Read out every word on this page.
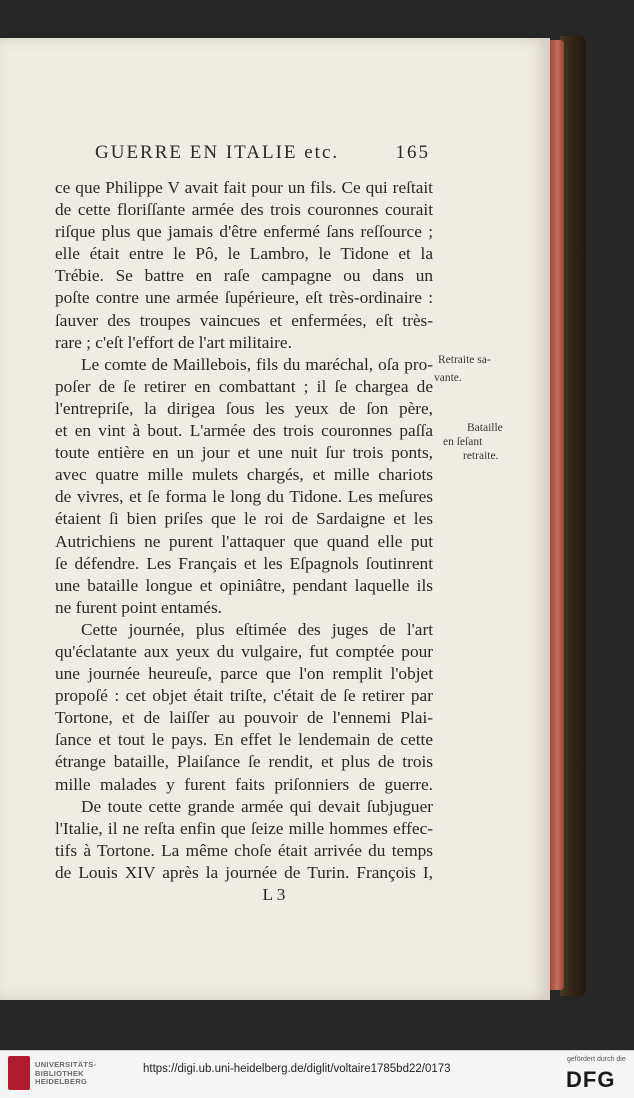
GUERRE EN ITALIE etc.	165
ce que Philippe V avait fait pour un fils. Ce qui reſtait
de cette floriſſante armée des trois couronnes courait
riſque plus que jamais d'être enfermé ſans reſſource ;
elle était entre le Pô, le Lambro, le Tidone et la
Trébie. Se battre en raſe campagne ou dans un
poſte contre une armée ſupérieure, eſt très-ordinaire :
ſauver des troupes vaincues et enfermées, eſt très-
rare ; c'eſt l'effort de l'art militaire.
Le comte de Maillebois, fils du maréchal, oſa pro-
poſer de ſe retirer en combattant ; il ſe chargea de
l'entrepriſe, la dirigea ſous les yeux de ſon père,
et en vint à bout. L'armée des trois couronnes paſſa
toute entière en un jour et une nuit ſur trois ponts,
avec quatre mille mulets chargés, et mille chariots
de vivres, et ſe forma le long du Tidone. Les meſures
étaient ſi bien priſes que le roi de Sardaigne et les
Autrichiens ne purent l'attaquer que quand elle put
ſe défendre. Les Français et les Eſpagnols ſoutinrent
une bataille longue et opiniâtre, pendant laquelle ils
ne furent point entamés.
Cette journée, plus eſtimée des juges de l'art
qu'éclatante aux yeux du vulgaire, fut comptée pour
une journée heureuſe, parce que l'on remplit l'objet
propoſé : cet objet était triſte, c'était de ſe retirer par
Tortone, et de laiſſer au pouvoir de l'ennemi Plai-
ſance et tout le pays. En effet le lendemain de cette
étrange bataille, Plaiſance ſe rendit, et plus de trois
mille malades y furent faits priſonniers de guerre.
De toute cette grande armée qui devait ſubjuguer
l'Italie, il ne reſta enfin que ſeize mille hommes effec-
tifs à Tortone. La même choſe était arrivée du temps
de Louis XIV après la journée de Turin. François I,
L 3
Retraite sa-
vante.
Bataille
en ſeſant
retraite.
UNIVERSITÄTS-
BIBLIOTHEK
HEIDELBERG
https://digi.ub.uni-heidelberg.de/diglit/voltaire1785bd22/0173
gefördert durch die
DFG
